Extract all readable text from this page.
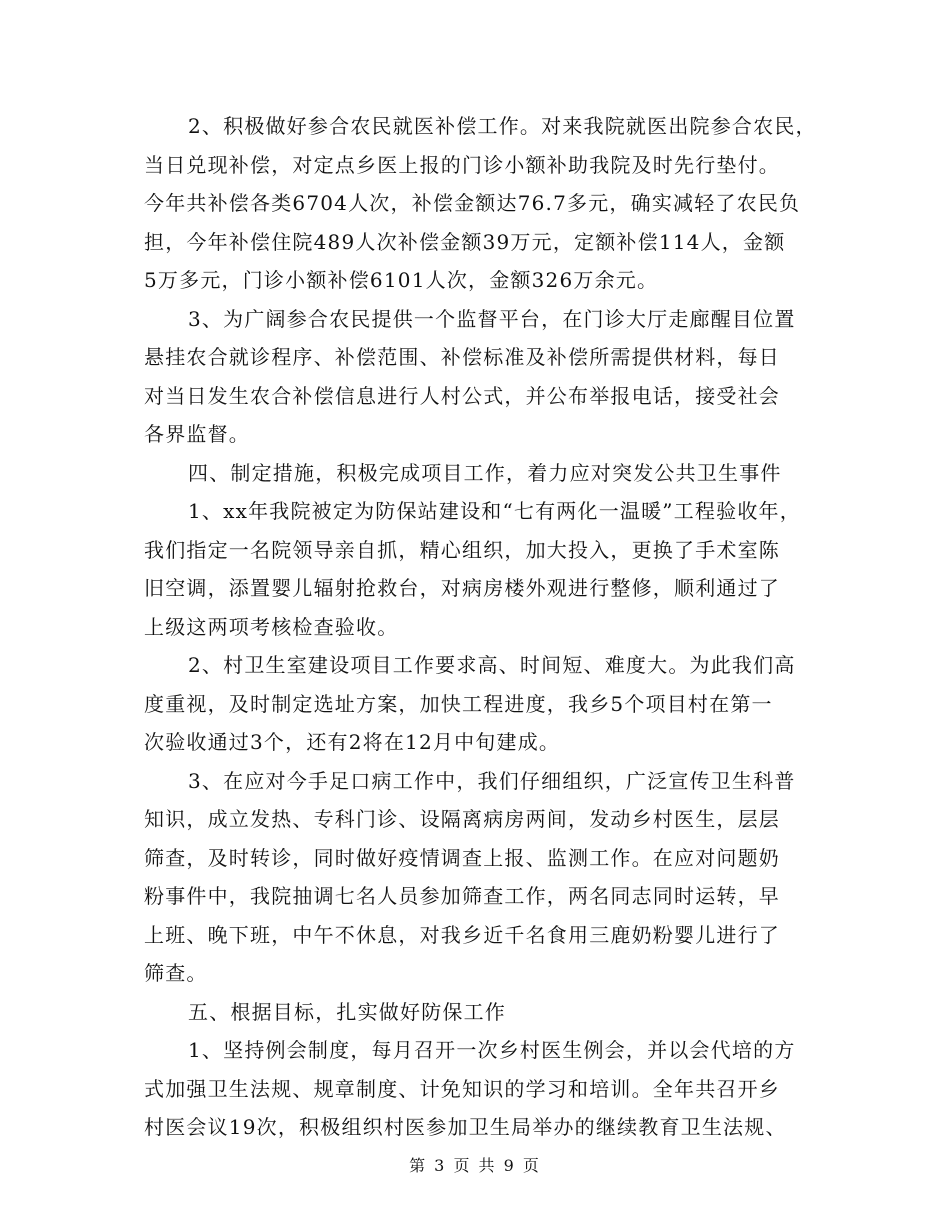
2、积极做好参合农民就医补偿工作。对来我院就医出院参合农民，
当日兑现补偿，对定点乡医上报的门诊小额补助我院及时先行垫付。
今年共补偿各类6704人次，补偿金额达76.7多元，确实减轻了农民负
担，今年补偿住院489人次补偿金额39万元，定额补偿114人，金额
5万多元，门诊小额补偿6101人次，金额326万余元。
3、为广阔参合农民提供一个监督平台，在门诊大厅走廊醒目位置
悬挂农合就诊程序、补偿范围、补偿标准及补偿所需提供材料，每日
对当日发生农合补偿信息进行人村公式，并公布举报电话，接受社会
各界监督。
四、制定措施，积极完成项目工作，着力应对突发公共卫生事件
1、xx年我院被定为防保站建设和“七有两化一温暖”工程验收年，
我们指定一名院领导亲自抓，精心组织，加大投入，更换了手术室陈
旧空调，添置婴儿辐射抢救台，对病房楼外观进行整修，顺利通过了
上级这两项考核检查验收。
2、村卫生室建设项目工作要求高、时间短、难度大。为此我们高
度重视，及时制定选址方案，加快工程进度，我乡5个项目村在第一
次验收通过3个，还有2将在12月中旬建成。
3、在应对今手足口病工作中，我们仔细组织，广泛宣传卫生科普
知识，成立发热、专科门诊、设隔离病房两间，发动乡村医生，层层
筛查，及时转诊，同时做好疫情调查上报、监测工作。在应对问题奶
粉事件中，我院抽调七名人员参加筛查工作，两名同志同时运转，早
上班、晚下班，中午不休息，对我乡近千名食用三鹿奶粉婴儿进行了
筛查。
五、根据目标，扎实做好防保工作
1、坚持例会制度，每月召开一次乡村医生例会，并以会代培的方
式加强卫生法规、规章制度、计免知识的学习和培训。全年共召开乡
村医会议19次，积极组织村医参加卫生局举办的继续教育卫生法规、
第 3 页 共 9 页
